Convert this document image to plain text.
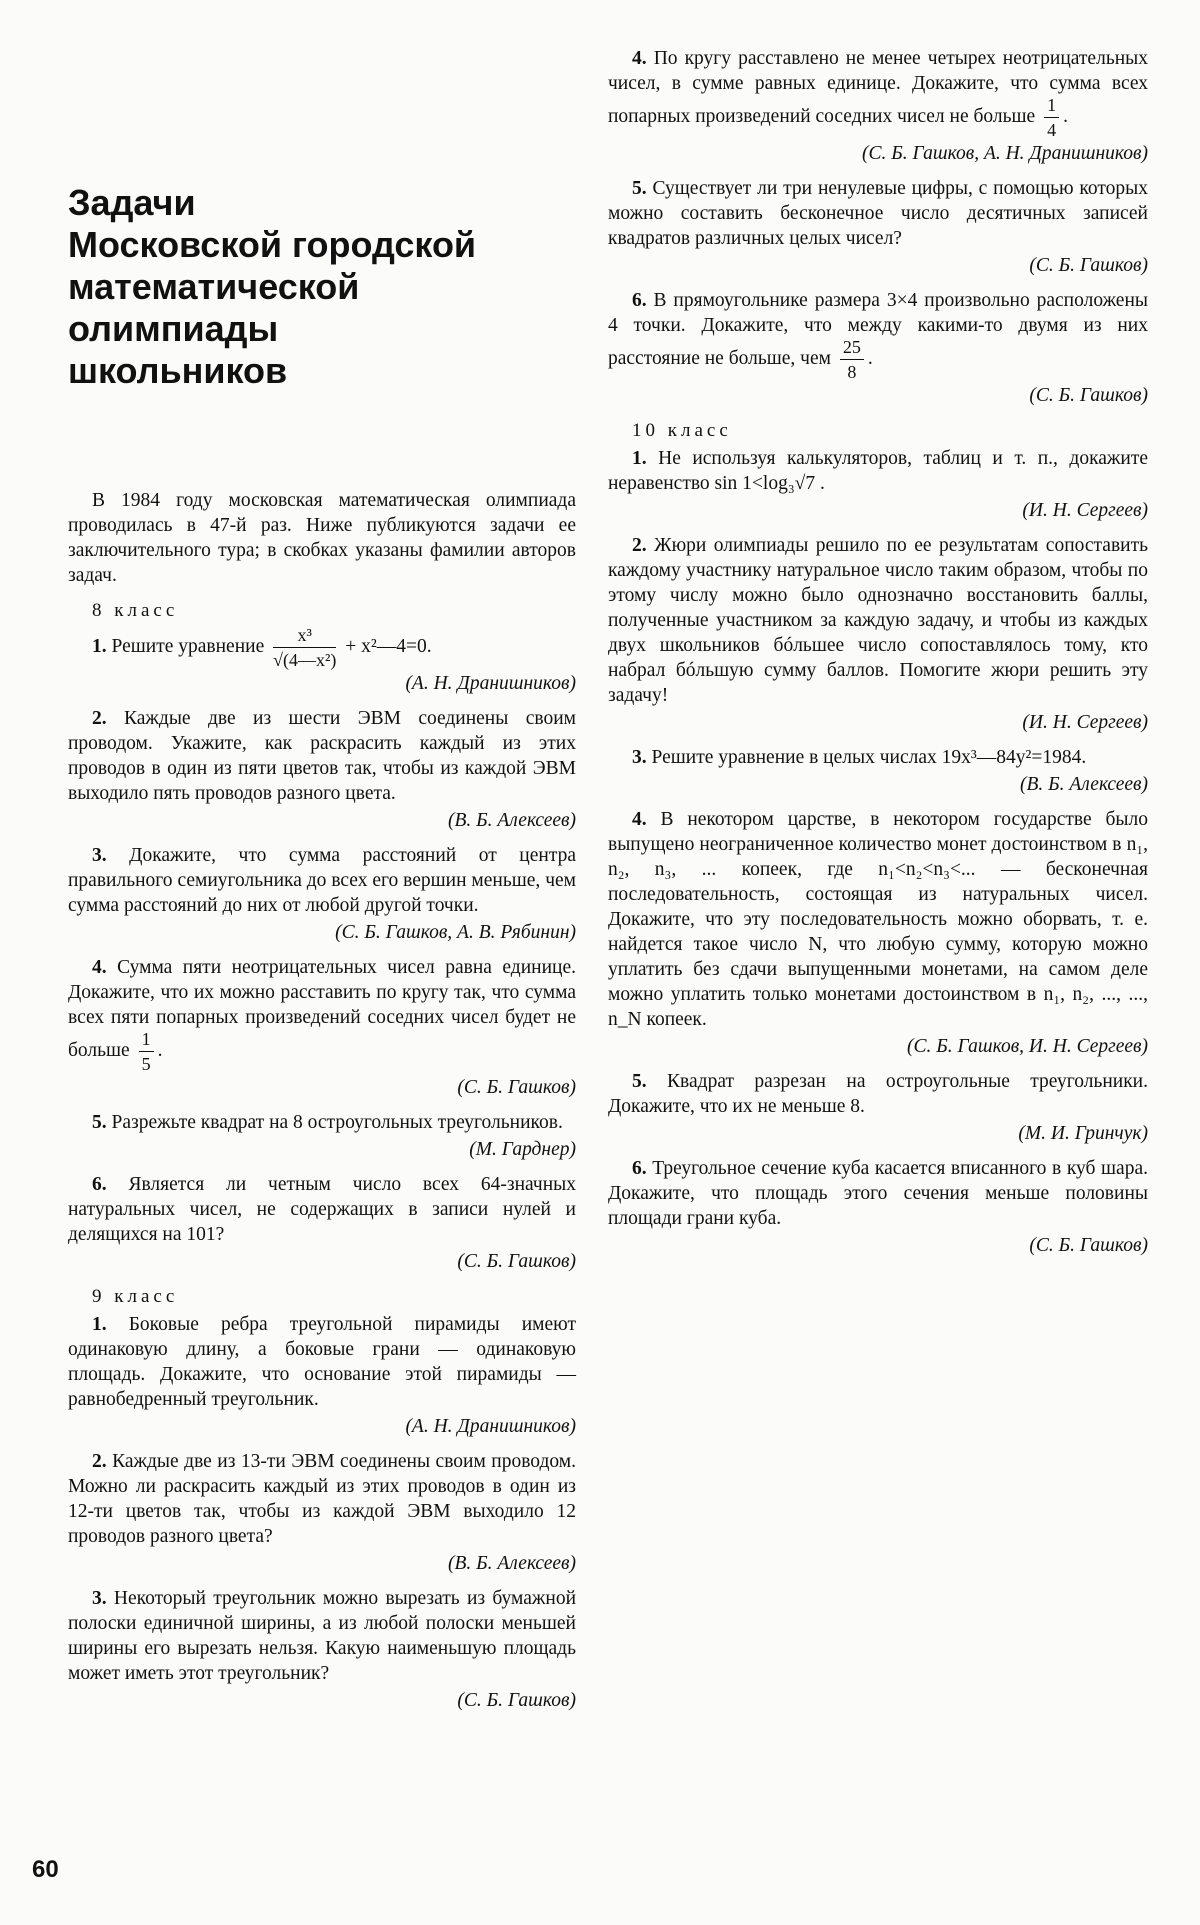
Задачи
Московской городской
математической
олимпиады
школьников

В 1984 году московская математическая олимпиада проводилась в 47-й раз. Ниже публикуются задачи ее заключительного тура; в скобках указаны фамилии авторов задач.

8 класс

1. Решите уравнение $\frac{\text{x³}}{\text{√(4—x²)}}$ + x²—4=0.

(А. Н. Дранишников)

2. Каждые две из шести ЭВМ соединены своим проводом. Укажите, как раскрасить каждый из этих проводов в один из пяти цветов так, чтобы из каждой ЭВМ выходило пять проводов разного цвета.

(В. Б. Алексеев)

3. Докажите, что сумма расстояний от центра правильного семиугольника до всех его вершин меньше, чем сумма расстояний до них от любой другой точки.

(С. Б. Гашков, А. В. Рябинин)

4. Сумма пяти неотрицательных чисел равна единице. Докажите, что их можно расставить по кругу так, что сумма всех пяти попарных произведений соседних чисел будет не больше $\frac{1}{5}$ .

(С. Б. Гашков)

5. Разрежьте квадрат на 8 остроугольных треугольников.

(М. Гарднер)

6. Является ли четным число всех 64-значных натуральных чисел, не содержащих в записи нулей и делящихся на 101?

(С. Б. Гашков)
9 класс

1. Боковые ребра треугольной пирамиды имеют одинаковую длину, а боковые грани — одинаковую площадь. Докажите, что основание этой пирамиды — равнобедренный треугольник.

(А. Н. Дранишников)

2. Каждые две из 13-ти ЭВМ соединены своим проводом. Можно ли раскрасить каждый из этих проводов в один из 12-ти цветов так, чтобы из каждой ЭВМ выходило 12 проводов разного цвета?

(В. Б. Алексеев)

3. Некоторый треугольник можно вырезать из бумажной полоски единичной ширины, а из любой полоски меньшей ширины его вырезать нельзя. Какую наименьшую площадь может иметь этот треугольник?

(С. Б. Гашков)

4. По кругу расставлено не менее четырех неотрицательных чисел, в сумме равных единице. Докажите, что сумма всех попарных произведений соседних чисел не больше $\frac{1}{4}$ .

(С. Б. Гашков, А. Н. Дранишников)

5. Существует ли три ненулевые цифры, с помощью которых можно составить бесконечное число десятичных записей квадратов различных целых чисел?

(С. Б. Гашков)

6. В прямоугольнике размера 3×4 произвольно расположены 4 точки. Докажите, что между какими-то двумя из них расстояние не больше, чем $\frac{25}{8}$ .

(С. Б. Гашков)
10 класс

1. Не используя калькуляторов, таблиц и т. п., докажите неравенство sin 1<log₃√7 .

(И. Н. Сергеев)

2. Жюри олимпиады решило по ее результатам сопоставить каждому участнику натуральное число таким образом, чтобы по этому числу можно было однозначно восстановить баллы, полученные участником за каждую задачу, и чтобы из каждых двух школьников бóльшее число сопоставлялось тому, кто набрал бóльшую сумму баллов. Помогите жюри решить эту задачу!

(И. Н. Сергеев)

3. Решите уравнение в целых числах 19x³—84y²=1984.

(В. Б. Алексеев)

4. В некотором царстве, в некотором государстве было выпущено неограниченное количество монет достоинством в n₁, n₂, n₃, ... копеек, где n₁<n₂<n₃<... — бесконечная последовательность, состоящая из натуральных чисел. Докажите, что эту последовательность можно оборвать, т. е. найдется такое число N, что любую сумму, которую можно уплатить без сдачи выпущенными монетами, на самом деле можно уплатить только монетами достоинством в n₁, n₂, ..., ..., n_N копеек.

(С. Б. Гашков, И. Н. Сергеев)

5. Квадрат разрезан на остроугольные треугольники. Докажите, что их не меньше 8.

(М. И. Гринчук)

6. Треугольное сечение куба касается вписанного в куб шара. Докажите, что площадь этого сечения меньше половины площади грани куба.

(С. Б. Гашков)
60
